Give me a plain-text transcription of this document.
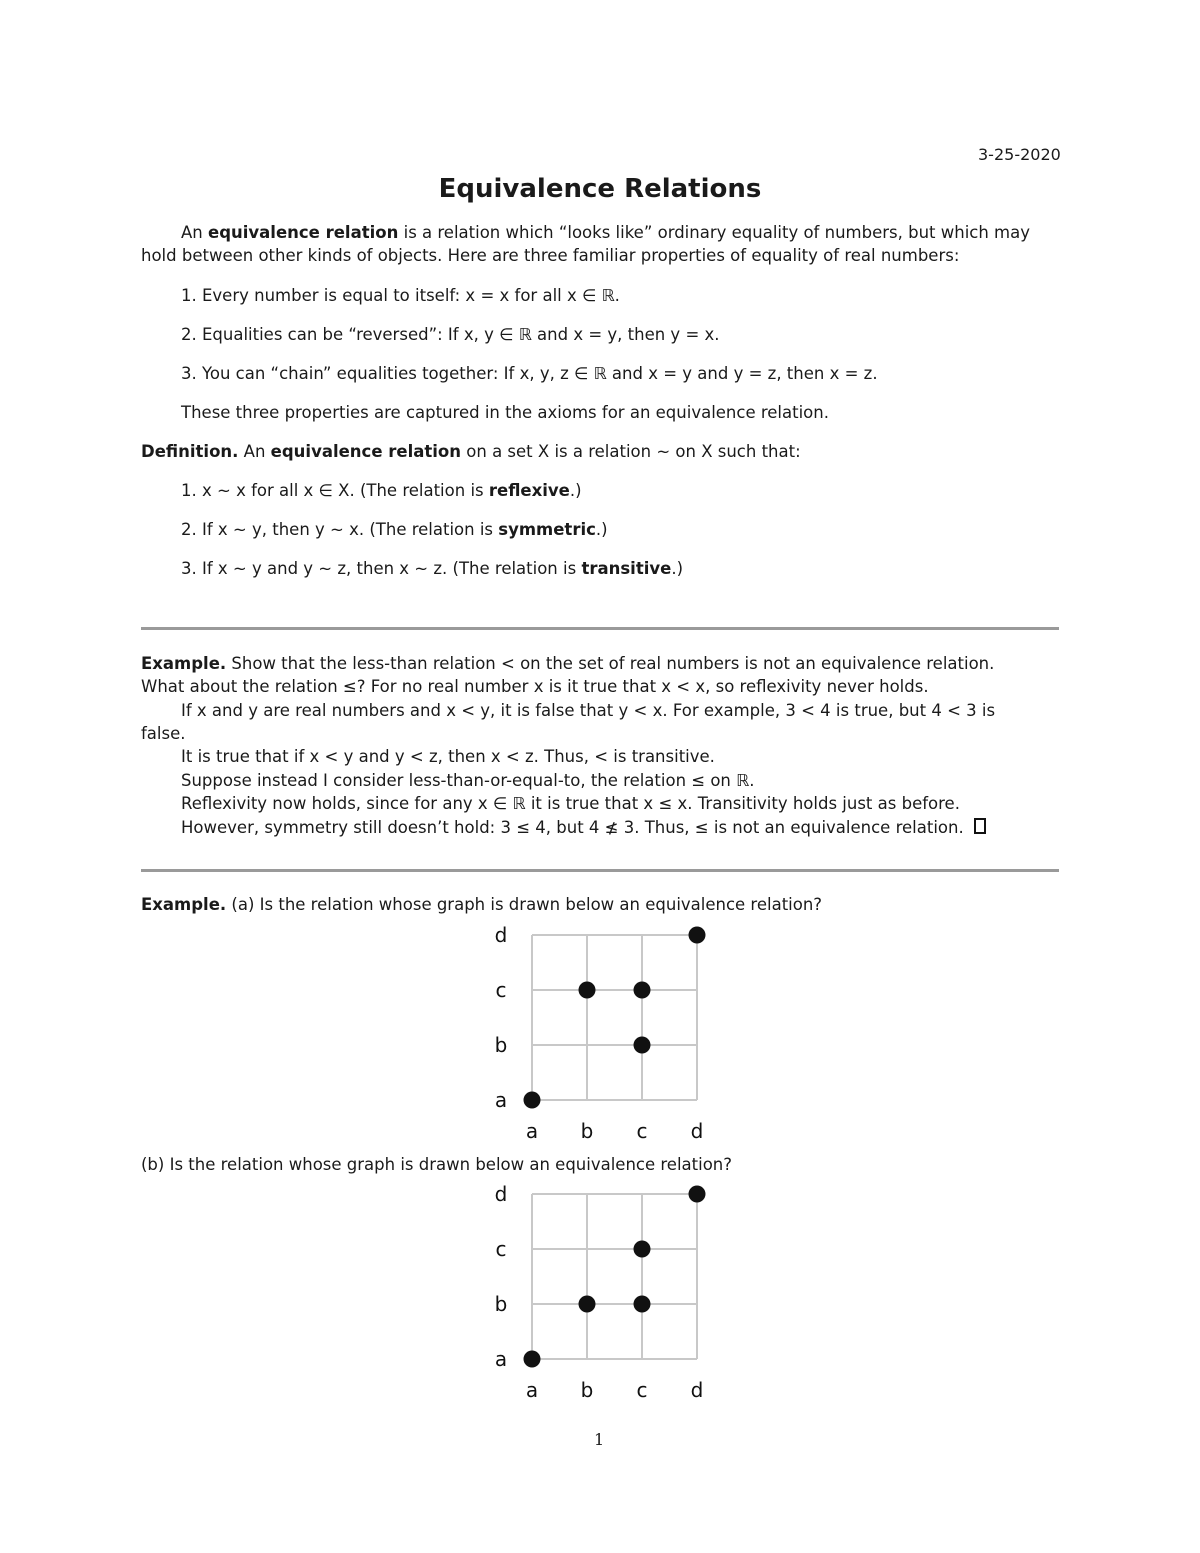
3-25-2020
Equivalence Relations
An equivalence relation is a relation which “looks like” ordinary equality of numbers, but which may
hold between other kinds of objects. Here are three familiar properties of equality of real numbers:
1. Every number is equal to itself: x = x for all x ∈ ℝ.
2. Equalities can be “reversed”: If x, y ∈ ℝ and x = y, then y = x.
3. You can “chain” equalities together: If x, y, z ∈ ℝ and x = y and y = z, then x = z.
These three properties are captured in the axioms for an equivalence relation.
Definition. An equivalence relation on a set X is a relation ∼ on X such that:
1. x ∼ x for all x ∈ X. (The relation is reflexive.)
2. If x ∼ y, then y ∼ x. (The relation is symmetric.)
3. If x ∼ y and y ∼ z, then x ∼ z. (The relation is transitive.)
Example. Show that the less-than relation < on the set of real numbers is not an equivalence relation.
What about the relation ≤? For no real number x is it true that x < x, so reflexivity never holds.
If x and y are real numbers and x < y, it is false that y < x. For example, 3 < 4 is true, but 4 < 3 is
false.
It is true that if x < y and y < z, then x < z. Thus, < is transitive.
Suppose instead I consider less-than-or-equal-to, the relation ≤ on ℝ.
Reflexivity now holds, since for any x ∈ ℝ it is true that x ≤ x. Transitivity holds just as before.
However, symmetry still doesn’t hold: 3 ≤ 4, but 4 ≰ 3. Thus, ≤ is not an equivalence relation.
Example. (a) Is the relation whose graph is drawn below an equivalence relation?
(b) Is the relation whose graph is drawn below an equivalence relation?
a b c d
a
b
c
d
a b c d
a
b
c
d
1
